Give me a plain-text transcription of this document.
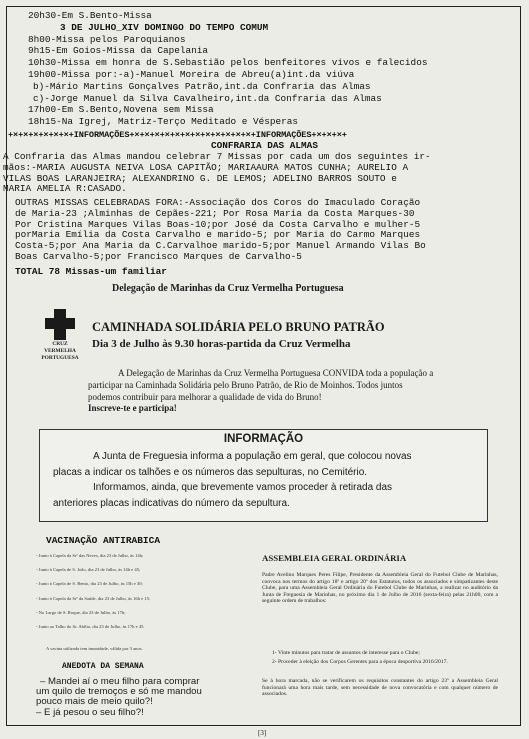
20h30-Em S.Bento-Missa
3 DE JULHO_XIV DOMINGO DO TEMPO COMUM
8h00-Missa pelos Paroquianos
9h15-Em Goios-Missa da Capelania
10h30-Missa em honra de S.Sebastião pelos benfeitores vivos e falecidos
19h00-Missa por:-a)-Manuel Moreira de Abreu(a)int.da viúva
b)-Mário Martins Gonçalves Patrão,int.da Confraria das Almas
c)-Jorge Manuel da Silva Cavalheiro,int.da Confraria das Almas
17h00-Em S.Bento,Novena sem Missa
18h15-Na Igrej, Matriz-Terço Meditado e Vésperas
+×+×+×+×+×+×+INFORMAÇÕES+×+×+×+×+×+×+×+×+×+×+×+×+INFORMAÇÕES+×+×+×+
CONFRARIA DAS ALMAS
A Confraria das Almas mandou celebrar 7 Missas por cada um dos seguintes ir-
mãos:-MARIA AUGUSTA NEIVA LOSA CAPITÃO; MARIAAURA MATOS CUNHA; AURELIO A
VILAS BOAS LARANJEIRA; ALEXANDRINO G. DE LEMOS; ADELINO BARROS SOUTO e
MARIA AMELIA R:CASADO.
OUTRAS MISSAS CELEBRADAS FORA:-Associação dos Coros do Imaculado Coração
de Maria-23 ;Alminhas de Cepães-221; Por Rosa Maria da Costa Marques-30
Por Cristina Marques Vilas Boas-10;por José da Costa Carvalho e mulher-5
porMaria Emília da Costa Carvalho e marido-5; por Maria do Carmo Marques
Costa-5;por Ana Maria da C.Carvalhoe marido-5;por Manuel Armando Vilas Bo
Boas Carvalho-5;por Francisco Marques de Carvalho-5
TOTAL 78 Missas-um familiar
Delegação de Marinhas da Cruz Vermelha Portuguesa
CRUZ
VERMELHA
PORTUGUESA
CAMINHADA SOLIDÁRIA PELO BRUNO PATRÃO
Dia 3 de Julho às 9.30 horas-partida da Cruz Vermelha
A Delegação de Marinhas da Cruz Vermelha Portuguesa CONVIDA toda a população a
participar na Caminhada Solidária pelo Bruno Patrão, de Rio de Moinhos. Todos juntos
podemos contribuir para melhorar a qualidade de vida do Bruno!
Inscreve-te e participa!
INFORMAÇÃO
A Junta de Freguesia informa a população em geral, que colocou novas
placas a indicar os talhões e os números das sepulturas, no Cemitério.
Informamos, ainda, que brevemente vamos proceder à retirada das
anteriores placas indicativas do número da sepultura.
VACINAÇÃO ANTIRABICA
- Junto à Capela da Srª das Neves, dia 23 de Julho, às 14h;
- Junto à Capela de S. João, dia 23 de Julho, às 14h e 45;
- Junto à Capela de S. Bento, dia 23 de Julho, às 15h e 30;
- Junto à Capela da Srª da Saúde, dia 23 de Julho, às 16h e 15;
- No Largo de S. Roque, dia 23 de Julho, às 17h;
- Junto ao Talho do Sr. Abílio, dia 23 de Julho, às 17h e 45.
A vacina utilizada tem imunidade, válida por 3 anos.
ASSEMBLEIA GERAL ORDINÁRIA
Padre Avelino Marques Peres Filipe, Presidente da Assembleia Geral do Futebol Clube de Marinhas, convoca nos termos do artigo 18º e artigo 20º dos Estatutos, todos os associados e simpatizantes deste Clube, para uma Assembleia Geral Ordinária do Futebol Clube de Marinhas, a realizar no auditório da Junta de Freguesia de Marinhas, no próximo dia 1 de Julho de 2016 (sexta-feira) pelas 21h00, com a seguinte ordem de trabalhos:
1- Vinte minutos para tratar de assuntos de interesse para o Clube;
2- Proceder à eleição dos Corpos Gerentes para a época desportiva 2016/2017.
Se à hora marcada, não se verificarem os requisitos constantes do artigo 23º a Assembleia Geral funcionará uma hora mais tarde, sem necessidade de nova convocatória e com qualquer número de associados.
ANEDOTA DA SEMANA
– Mandei aí o meu filho para comprar
um quilo de tremoços e só me mandou
pouco mais de meio quilo?!
– E já pesou o seu filho?!
[3]
